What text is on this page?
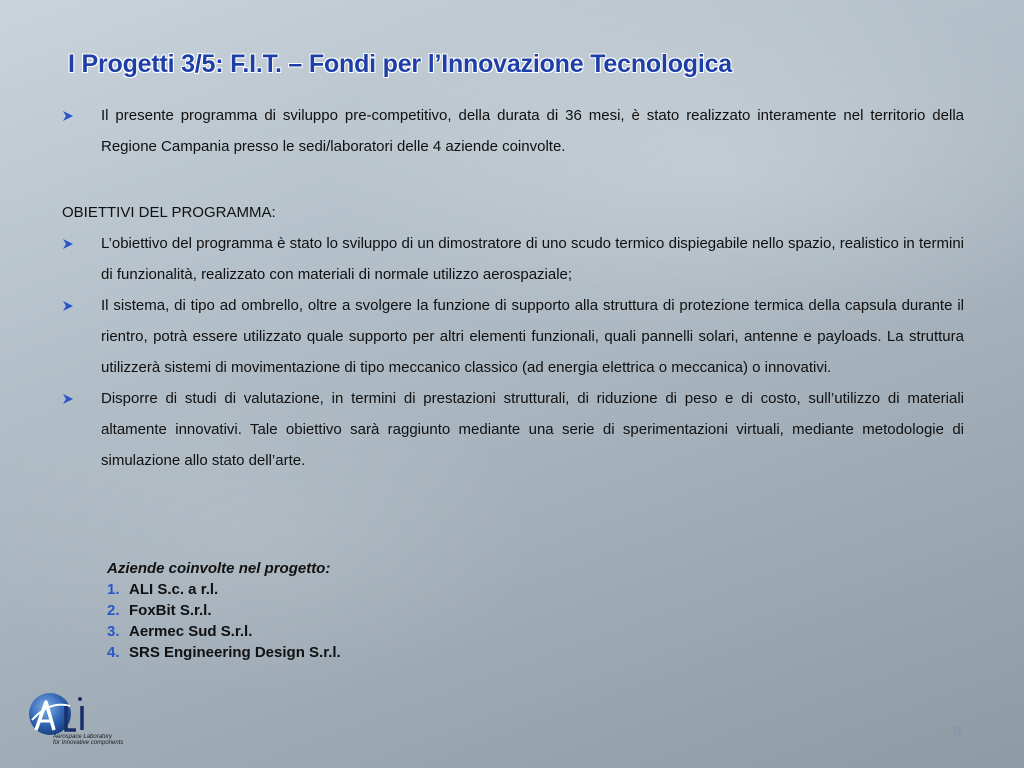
I Progetti 3/5: F.I.T. – Fondi per l’Innovazione Tecnologica
Il presente programma di sviluppo pre-competitivo, della durata di 36 mesi, è stato realizzato interamente nel territorio della Regione Campania presso le sedi/laboratori delle 4 aziende coinvolte.
OBIETTIVI DEL PROGRAMMA:
L’obiettivo del programma è stato lo sviluppo di un dimostratore di uno scudo termico dispiegabile nello spazio, realistico in termini di funzionalità, realizzato con materiali di normale utilizzo aerospaziale;
Il sistema, di tipo ad ombrello, oltre a svolgere la funzione di supporto alla struttura di protezione termica della capsula durante il rientro, potrà essere utilizzato quale supporto per altri elementi funzionali, quali pannelli solari, antenne e payloads. La struttura utilizzerà sistemi di movimentazione di tipo meccanico classico (ad energia elettrica o meccanica) o innovativi.
Disporre di studi di valutazione, in termini di prestazioni strutturali, di riduzione di peso e di costo, sull’utilizzo di materiali altamente innovativi. Tale obiettivo sarà raggiunto mediante una serie di sperimentazioni virtuali, mediante metodologie di simulazione allo stato dell’arte.
Aziende coinvolte nel progetto:
1. ALI S.c. a r.l.
2. FoxBit S.r.l.
3. Aermec Sud S.r.l.
4. SRS Engineering Design S.r.l.
Aerospace Laboratory
for Innovative components
8
